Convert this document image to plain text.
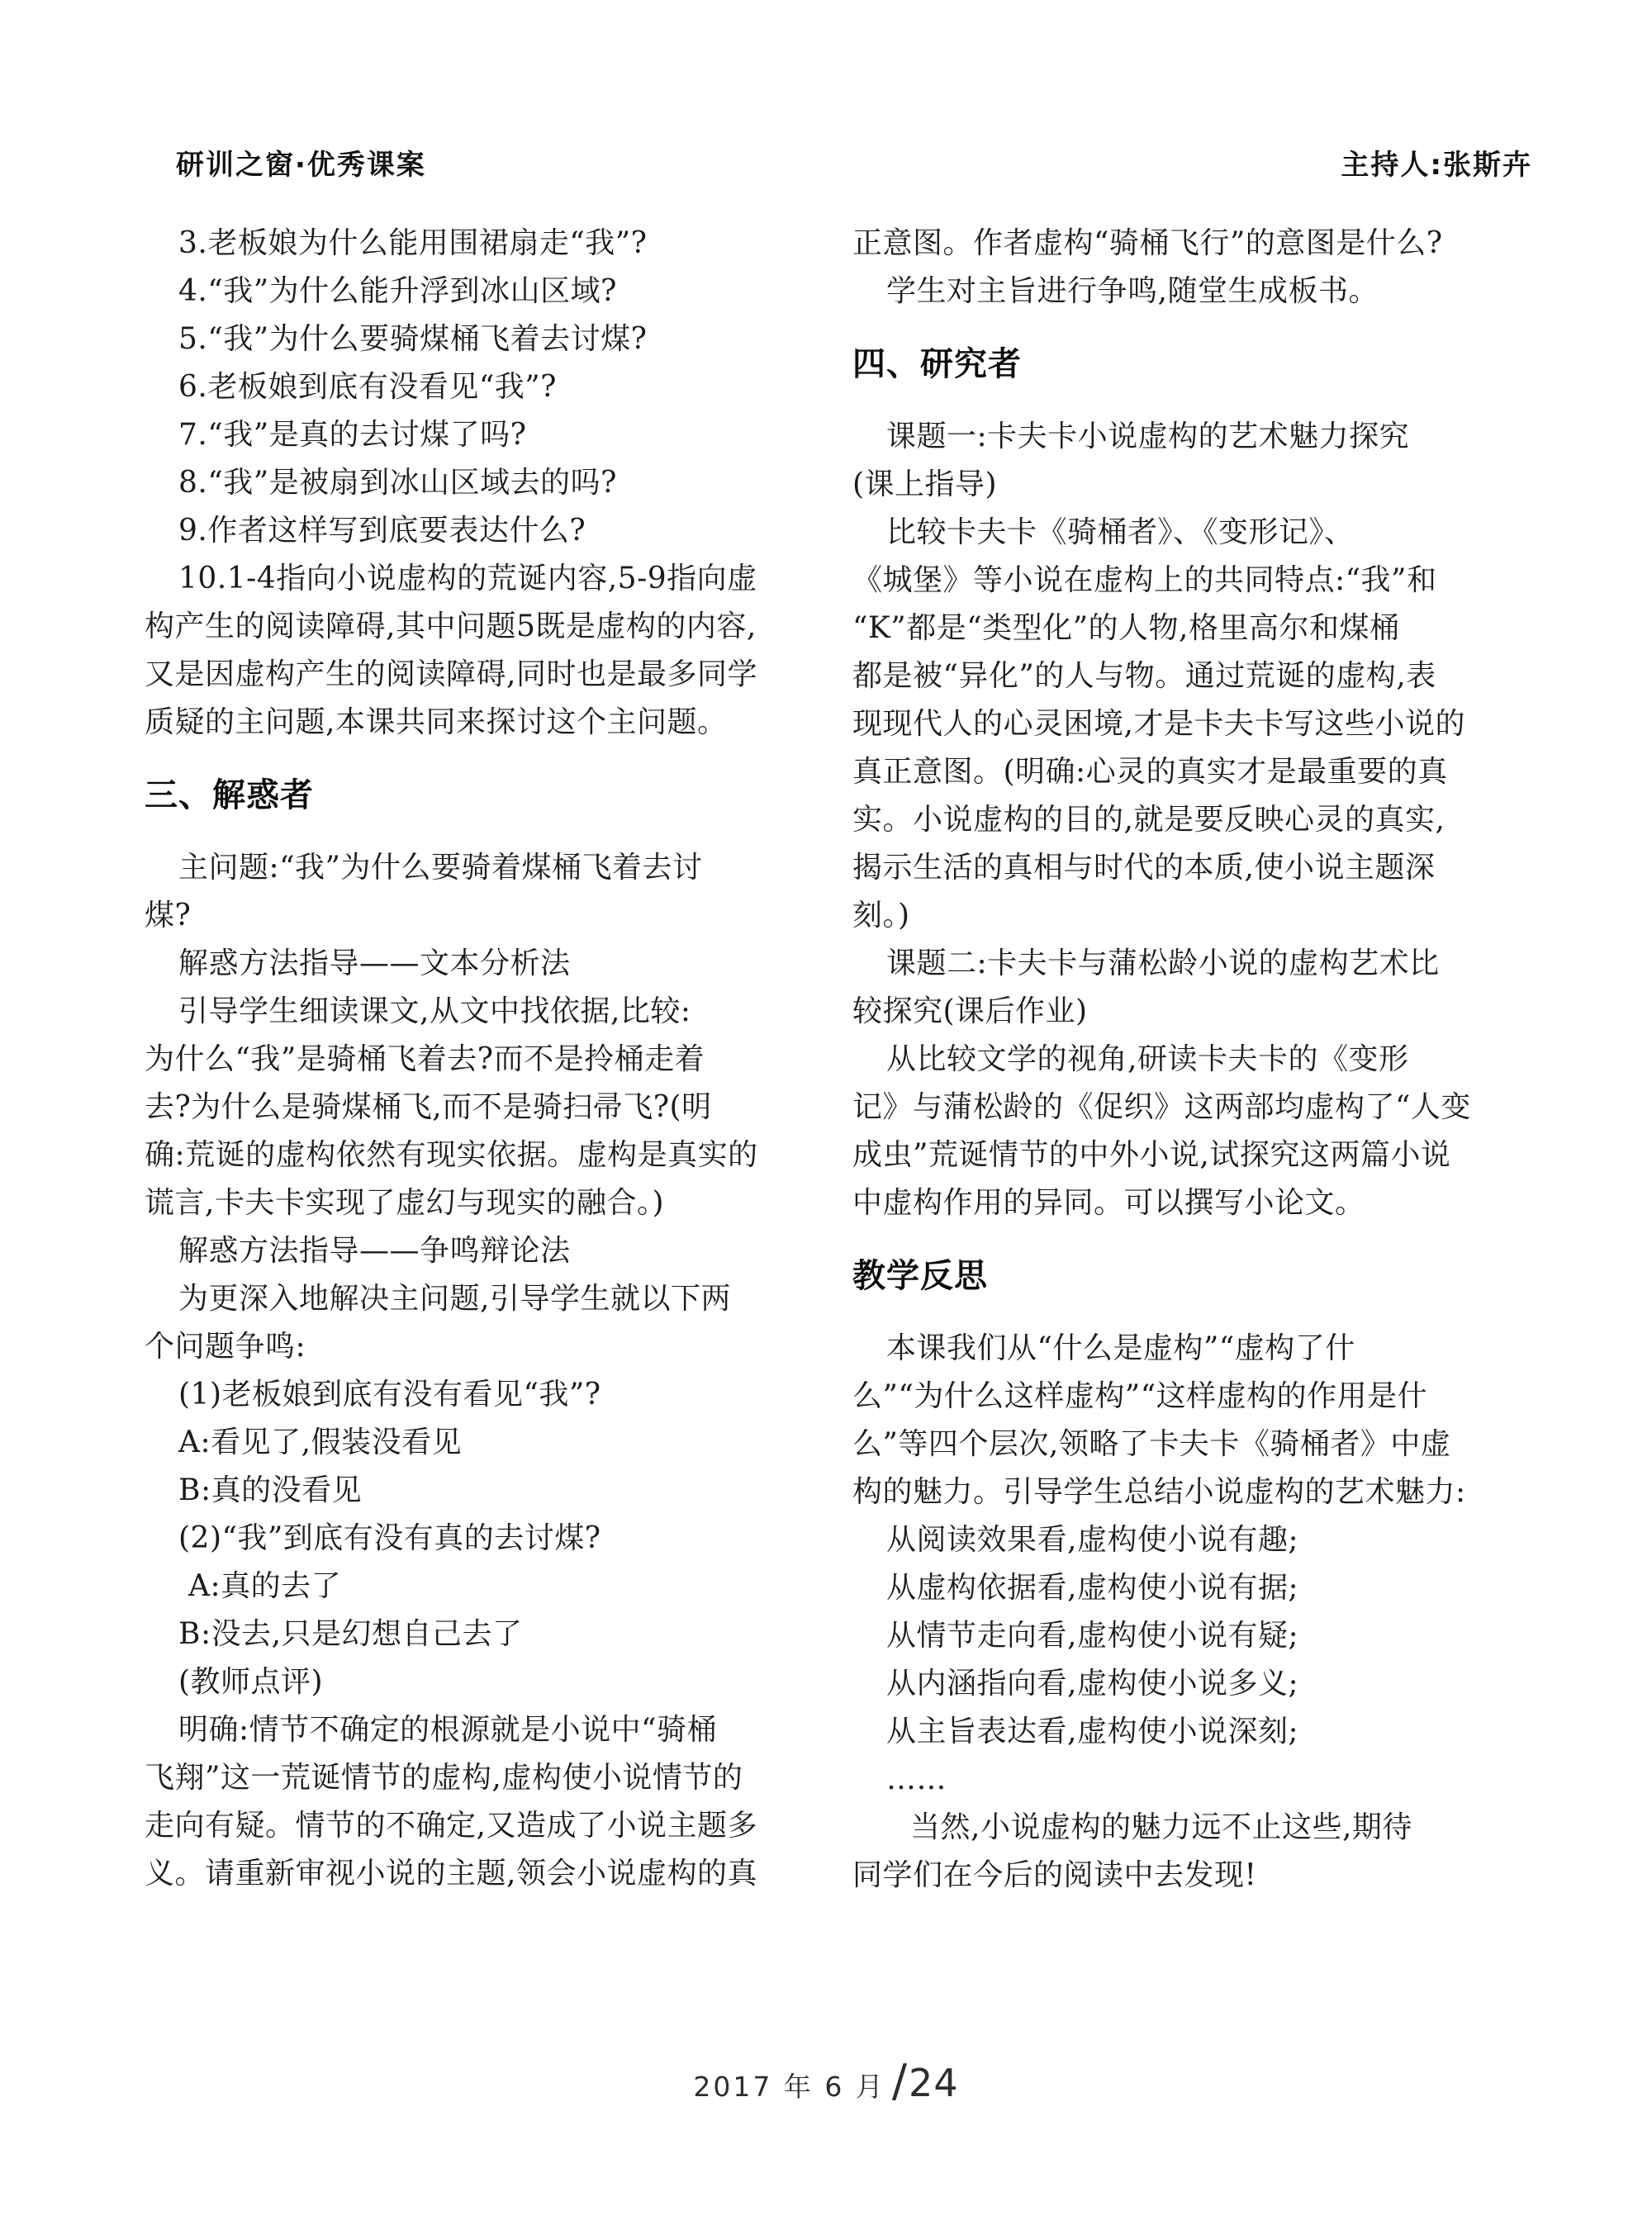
研训之窗·优秀课案	主持人:张斯卉
3.老板娘为什么能用围裙扇走“我”?
4.“我”为什么能升浮到冰山区域?
5.“我”为什么要骑煤桶飞着去讨煤?
6.老板娘到底有没看见“我”?
7.“我”是真的去讨煤了吗?
8.“我”是被扇到冰山区域去的吗?
9.作者这样写到底要表达什么?
10.1-4指向小说虚构的荒诞内容,5-9指向虚
构产生的阅读障碍,其中问题5既是虚构的内容,
又是因虚构产生的阅读障碍,同时也是最多同学
质疑的主问题,本课共同来探讨这个主问题。
三、解惑者
主问题:“我”为什么要骑着煤桶飞着去讨
煤?
解惑方法指导——文本分析法
引导学生细读课文,从文中找依据,比较:
为什么“我”是骑桶飞着去?而不是拎桶走着
去?为什么是骑煤桶飞,而不是骑扫帚飞?(明
确:荒诞的虚构依然有现实依据。虚构是真实的
谎言,卡夫卡实现了虚幻与现实的融合。)
解惑方法指导——争鸣辩论法
为更深入地解决主问题,引导学生就以下两
个问题争鸣:
(1)老板娘到底有没有看见“我”?
A:看见了,假装没看见
B:真的没看见
(2)“我”到底有没有真的去讨煤?
A:真的去了
B:没去,只是幻想自己去了
(教师点评)
明确:情节不确定的根源就是小说中“骑桶
飞翔”这一荒诞情节的虚构,虚构使小说情节的
走向有疑。情节的不确定,又造成了小说主题多
义。请重新审视小说的主题,领会小说虚构的真
正意图。作者虚构“骑桶飞行”的意图是什么?
学生对主旨进行争鸣,随堂生成板书。
四、研究者
课题一:卡夫卡小说虚构的艺术魅力探究
(课上指导)
比较卡夫卡《骑桶者》、《变形记》、
《城堡》等小说在虚构上的共同特点:“我”和
“K”都是“类型化”的人物,格里高尔和煤桶
都是被“异化”的人与物。通过荒诞的虚构,表
现现代人的心灵困境,才是卡夫卡写这些小说的
真正意图。(明确:心灵的真实才是最重要的真
实。小说虚构的目的,就是要反映心灵的真实,
揭示生活的真相与时代的本质,使小说主题深
刻。)
课题二:卡夫卡与蒲松龄小说的虚构艺术比
较探究(课后作业)
从比较文学的视角,研读卡夫卡的《变形
记》与蒲松龄的《促织》这两部均虚构了“人变
成虫”荒诞情节的中外小说,试探究这两篇小说
中虚构作用的异同。可以撰写小论文。
教学反思
本课我们从“什么是虚构”“虚构了什
么”“为什么这样虚构”“这样虚构的作用是什
么”等四个层次,领略了卡夫卡《骑桶者》中虚
构的魅力。引导学生总结小说虚构的艺术魅力:
从阅读效果看,虚构使小说有趣;
从虚构依据看,虚构使小说有据;
从情节走向看,虚构使小说有疑;
从内涵指向看,虚构使小说多义;
从主旨表达看,虚构使小说深刻;
……
当然,小说虚构的魅力远不止这些,期待
同学们在今后的阅读中去发现!
2017 年 6 月 / 24
